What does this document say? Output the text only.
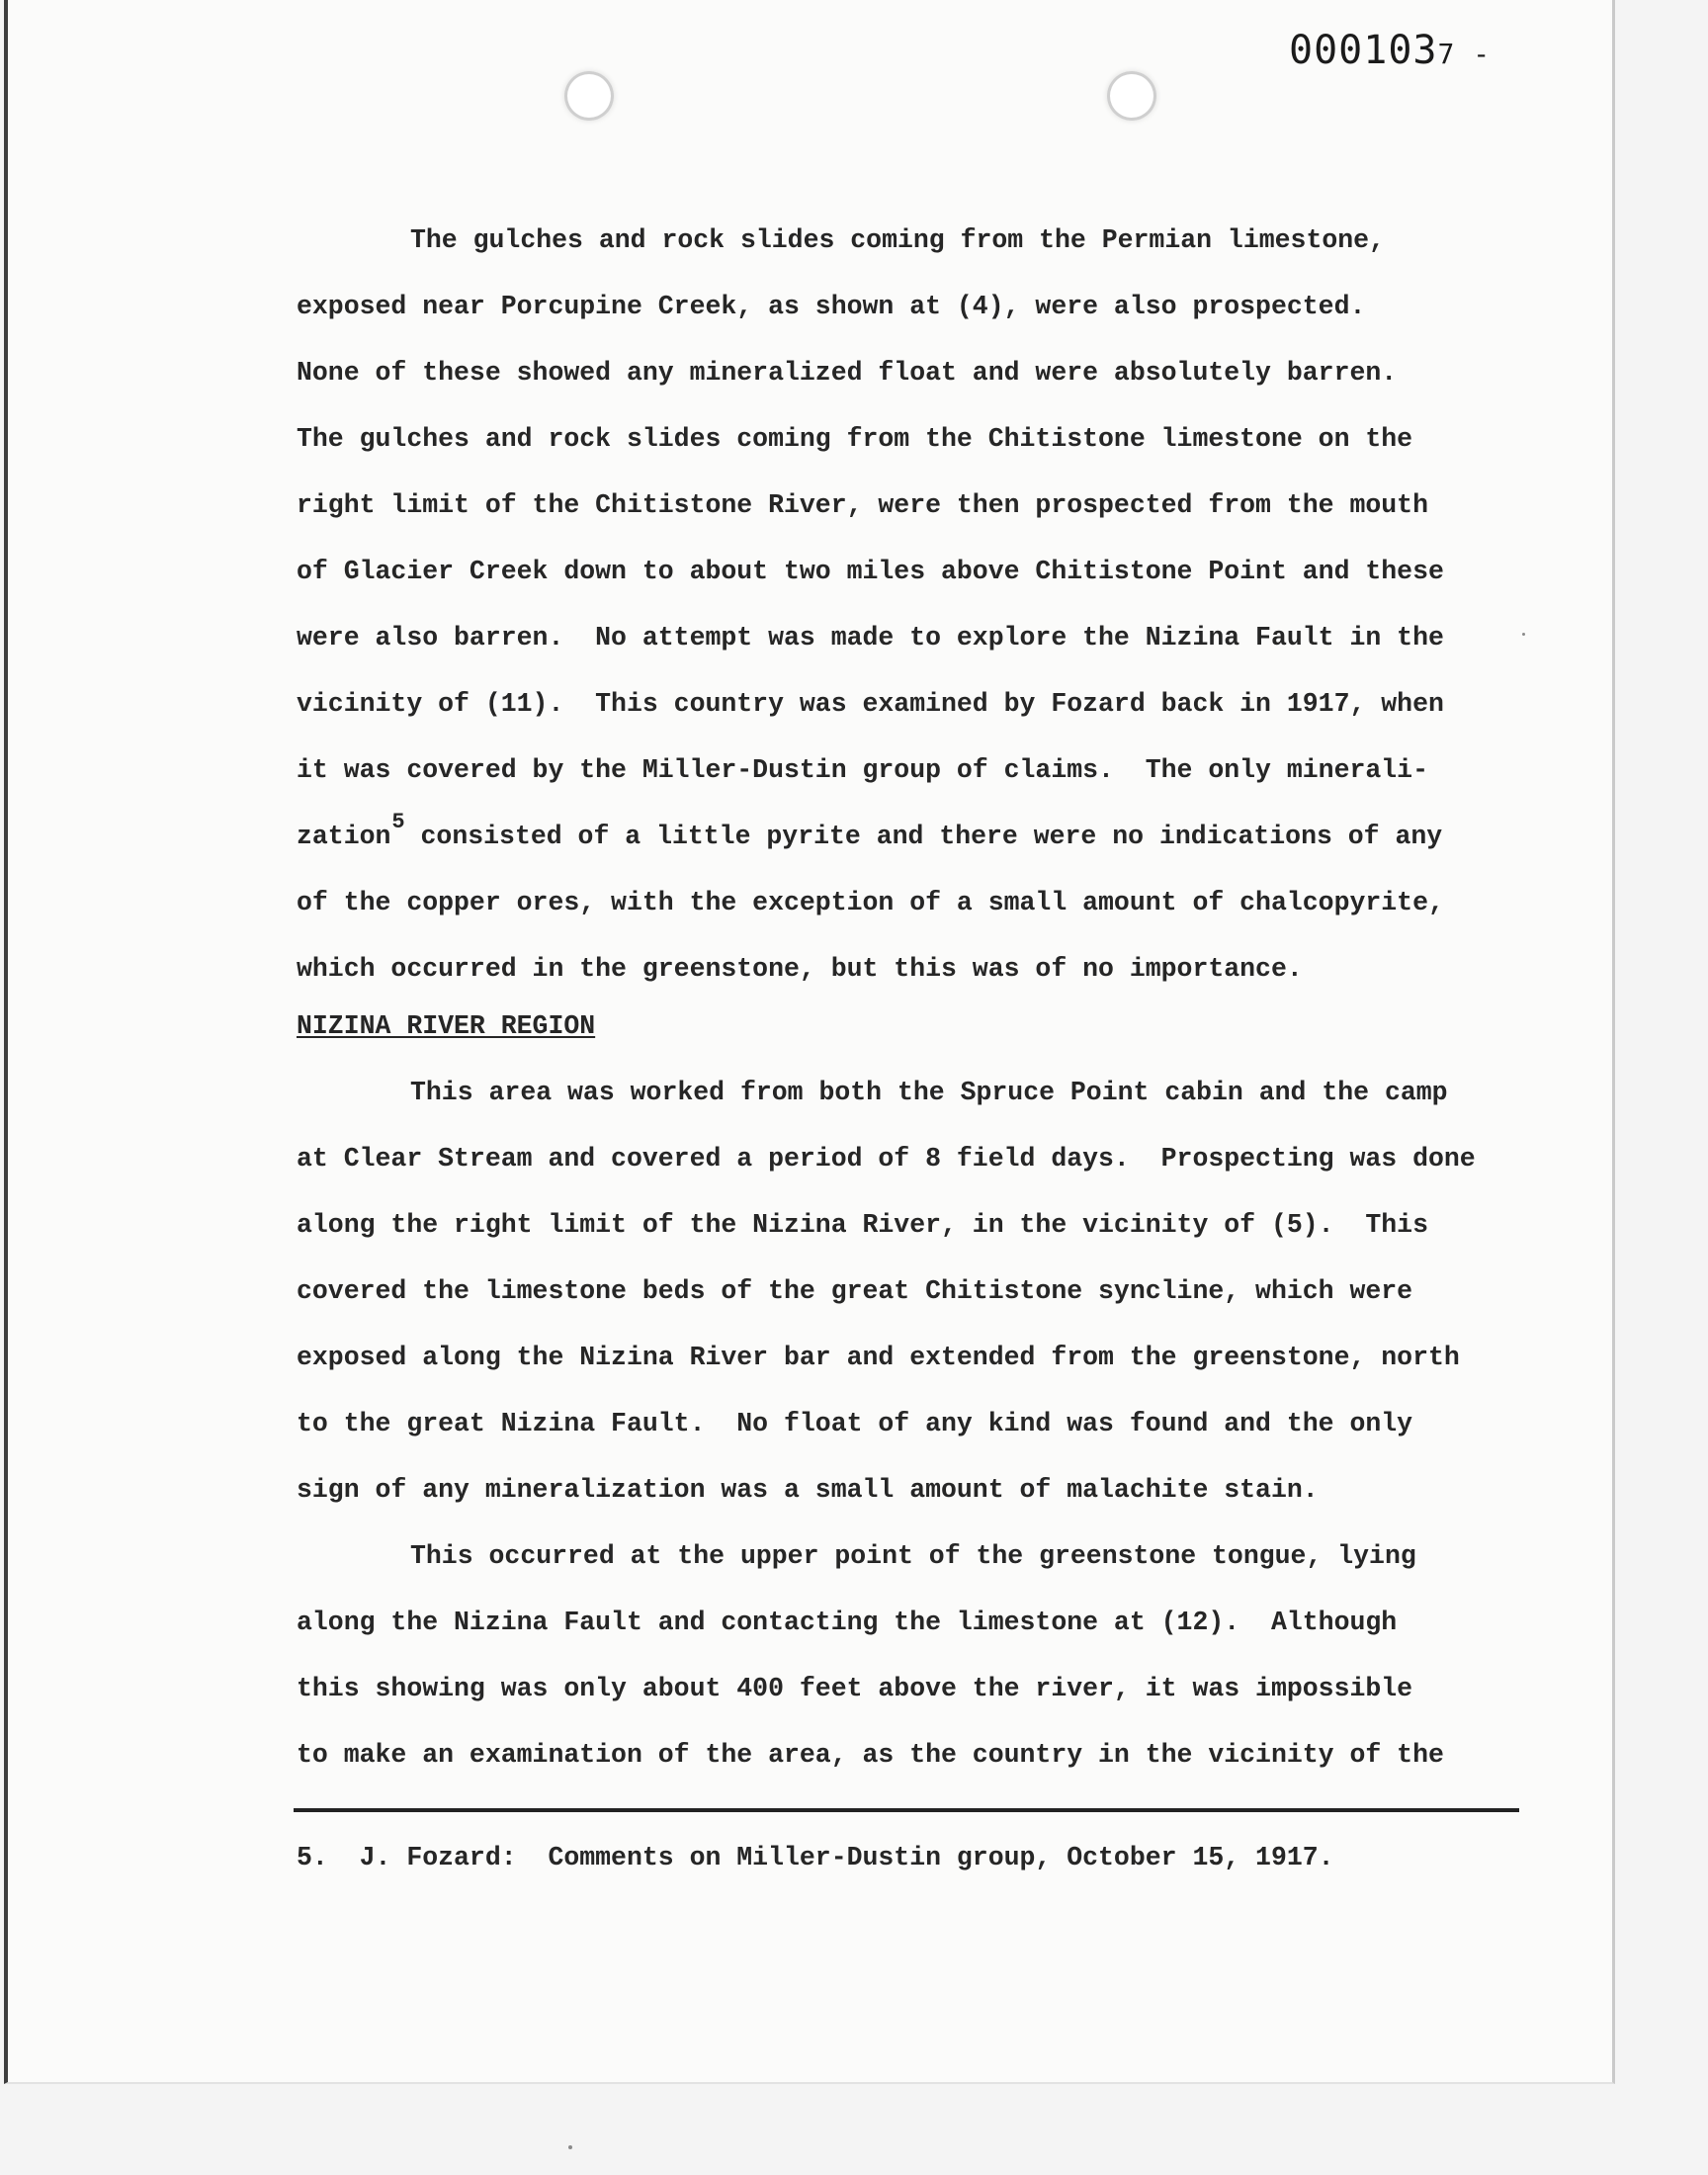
0001037 -
The gulches and rock slides coming from the Permian limestone,
exposed near Porcupine Creek, as shown at (4), were also prospected.
None of these showed any mineralized float and were absolutely barren.
The gulches and rock slides coming from the Chitistone limestone on the
right limit of the Chitistone River, were then prospected from the mouth
of Glacier Creek down to about two miles above Chitistone Point and these
were also barren.  No attempt was made to explore the Nizina Fault in the
vicinity of (11).  This country was examined by Fozard back in 1917, when
it was covered by the Miller-Dustin group of claims.  The only minerali-
zation$^5$ consisted of a little pyrite and there were no indications of any
of the copper ores, with the exception of a small amount of chalcopyrite,
which occurred in the greenstone, but this was of no importance.
NIZINA RIVER REGION
This area was worked from both the Spruce Point cabin and the camp
at Clear Stream and covered a period of 8 field days.  Prospecting was done
along the right limit of the Nizina River, in the vicinity of (5).  This
covered the limestone beds of the great Chitistone syncline, which were
exposed along the Nizina River bar and extended from the greenstone, north
to the great Nizina Fault.  No float of any kind was found and the only
sign of any mineralization was a small amount of malachite stain.
This occurred at the upper point of the greenstone tongue, lying
along the Nizina Fault and contacting the limestone at (12).  Although
this showing was only about 400 feet above the river, it was impossible
to make an examination of the area, as the country in the vicinity of the
5.  J. Fozard:  Comments on Miller-Dustin group, October 15, 1917.
